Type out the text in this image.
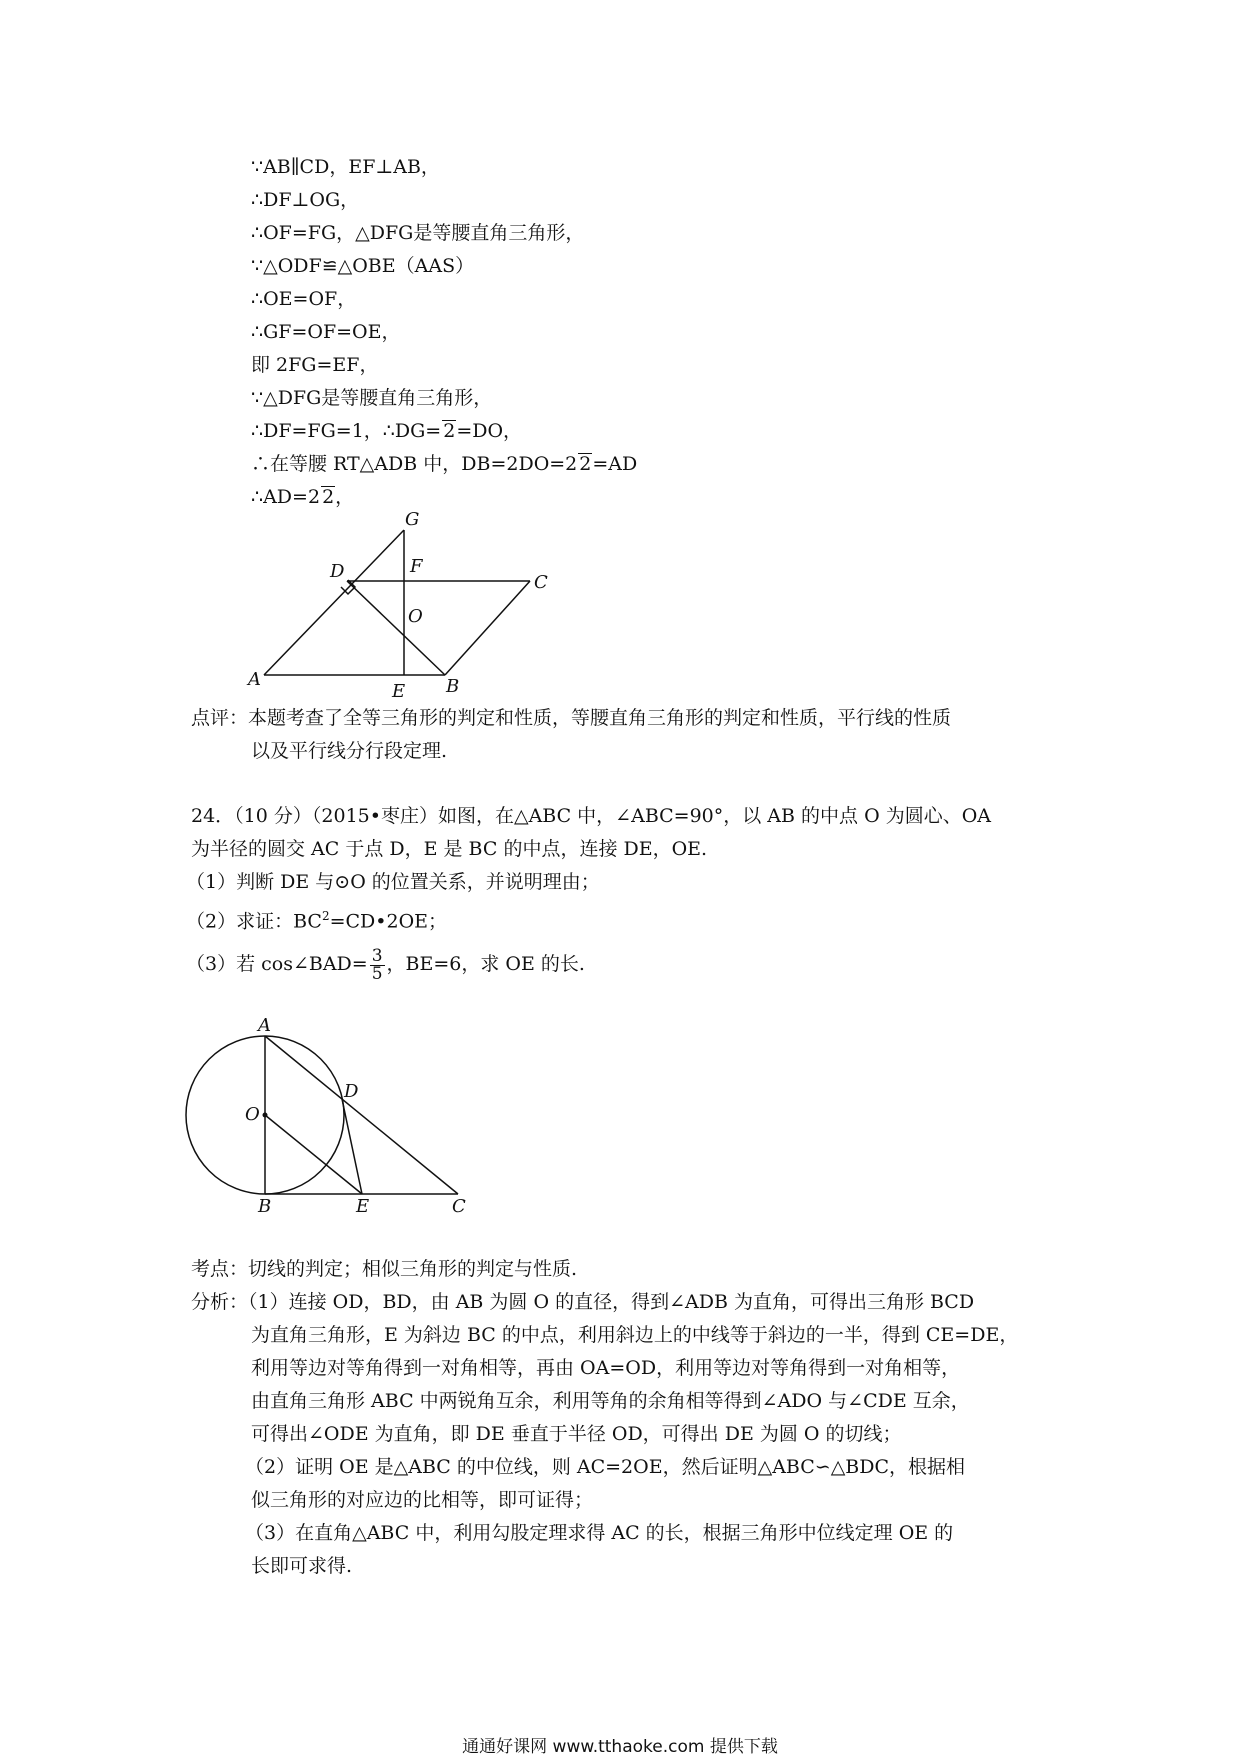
∵AB∥CD，EF⊥AB，
∴DF⊥OG，
∴OF=FG，△DFG是等腰直角三角形，
∵△ODF≌△OBE（AAS）
∴OE=OF，
∴GF=OF=OE，
即 2FG=EF，
∵△DFG是等腰直角三角形，
∴DF=FG=1，∴DG= 2=DO，
∴在等腰 RT△ADB 中，DB=2DO=2 2=AD
∴AD=2 2，
G
D	F
C
O
A
E B
点评：本题考查了全等三角形的判定和性质，等腰直角三角形的判定和性质，平行线的性质
以及平行线分行段定理.
24．（10 分）（2015•枣庄）如图，在△ABC 中，∠ABC=90°，以 AB 的中点 O 为圆心、OA
为半径的圆交 AC 于点 D，E 是 BC 的中点，连接 DE，OE.
（1）判断 DE 与⊙O 的位置关系，并说明理由；
（2）求证：$BC^2=CD•2OE$；
（3）若 cos∠BAD= $\frac{3}{5}$ ，BE=6，求 OE 的长.
A
D
O
B	E	C
考点：切线的判定；相似三角形的判定与性质.
分析：（1）连接 OD，BD，由 AB 为圆 O 的直径，得到∠ADB 为直角，可得出三角形 BCD
为直角三角形，E 为斜边 BC 的中点，利用斜边上的中线等于斜边的一半，得到 CE=DE，
利用等边对等角得到一对角相等，再由 OA=OD，利用等边对等角得到一对角相等，
由直角三角形 ABC 中两锐角互余，利用等角的余角相等得到∠ADO 与∠CDE 互余，
可得出∠ODE 为直角，即 DE 垂直于半径 OD，可得出 DE 为圆 O 的切线；
（2）证明 OE 是△ABC 的中位线，则 AC=2OE，然后证明△ABC∽△BDC，根据相
似三角形的对应边的比相等，即可证得；
（3）在直角△ABC 中，利用勾股定理求得 AC 的长，根据三角形中位线定理 OE 的
长即可求得.
通通好课网 www.tthaoke.com 提供下载
